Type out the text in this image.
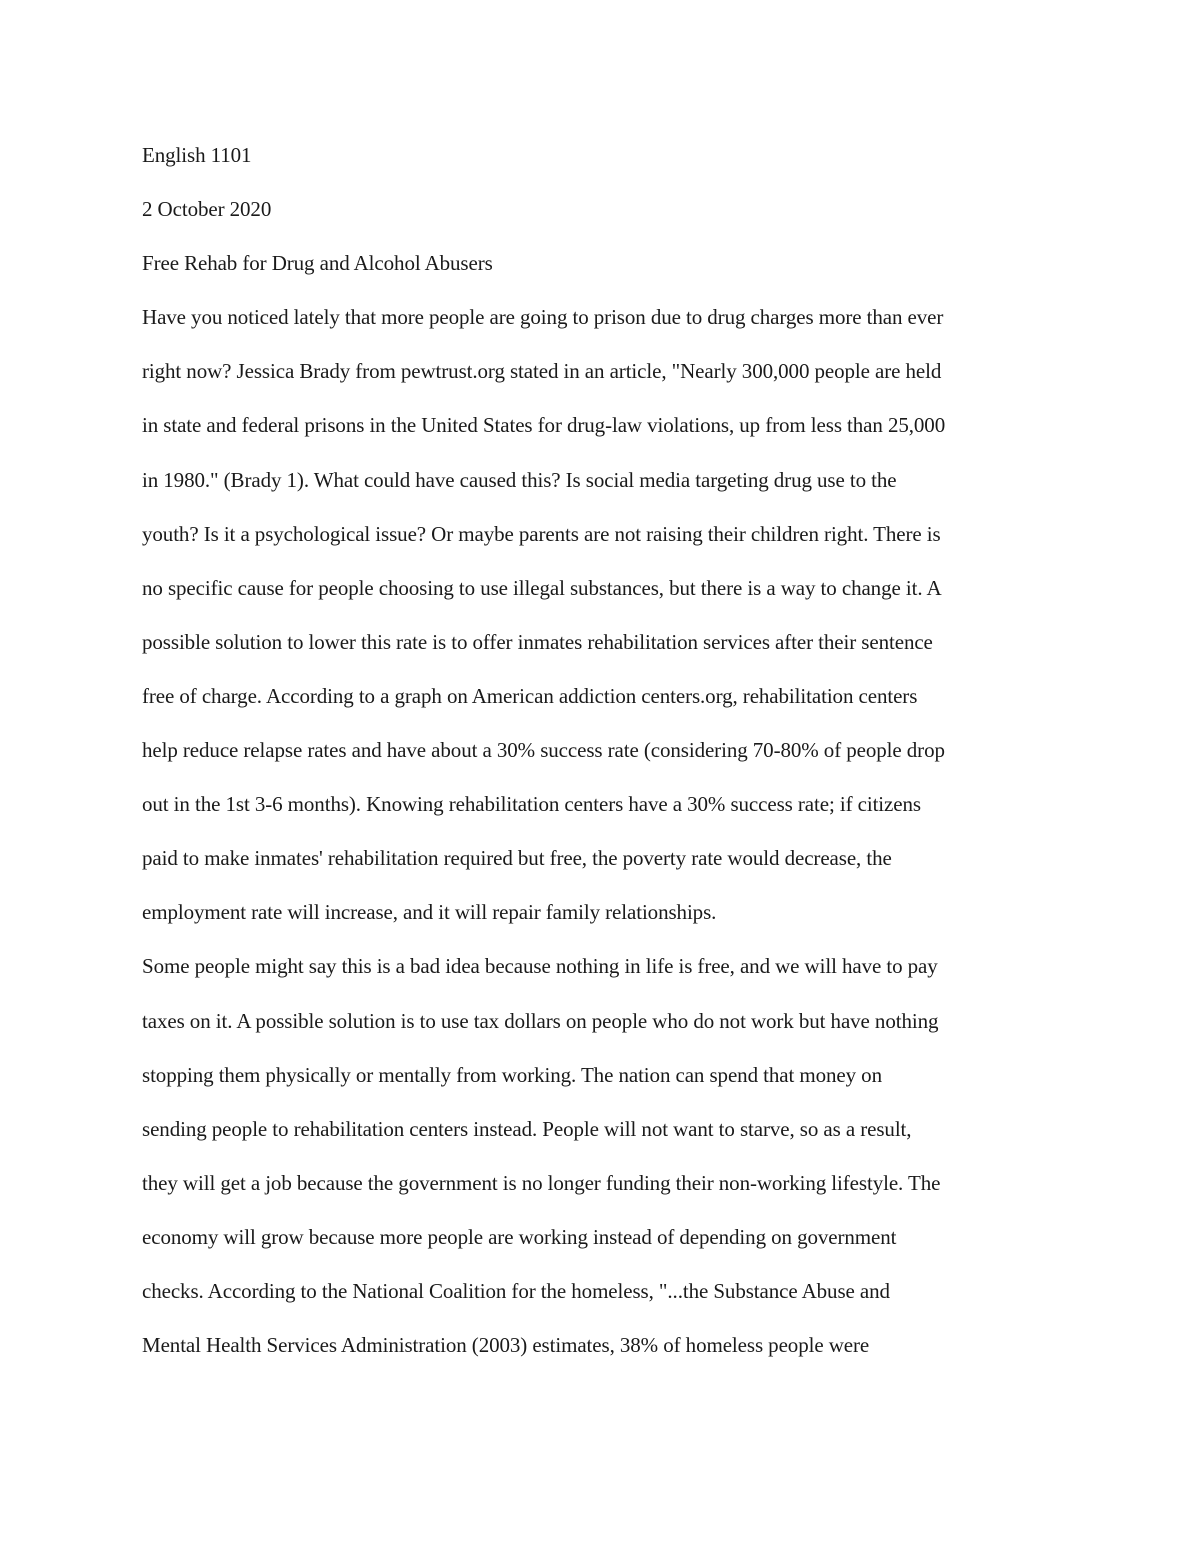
English 1101
2 October 2020
Free Rehab for Drug and Alcohol Abusers
Have you noticed lately that more people are going to prison due to drug charges more than ever
right now? Jessica Brady from pewtrust.org stated in an article, "Nearly 300,000 people are held
in state and federal prisons in the United States for drug-law violations, up from less than 25,000
in 1980." (Brady 1). What could have caused this? Is social media targeting drug use to the
youth? Is it a psychological issue? Or maybe parents are not raising their children right. There is
no specific cause for people choosing to use illegal substances, but there is a way to change it. A
possible solution to lower this rate is to offer inmates rehabilitation services after their sentence
free of charge. According to a graph on American addiction centers.org, rehabilitation centers
help reduce relapse rates and have about a 30% success rate (considering 70-80% of people drop
out in the 1st 3-6 months). Knowing rehabilitation centers have a 30% success rate; if citizens
paid to make inmates' rehabilitation required but free, the poverty rate would decrease, the
employment rate will increase, and it will repair family relationships.
Some people might say this is a bad idea because nothing in life is free, and we will have to pay
taxes on it. A possible solution is to use tax dollars on people who do not work but have nothing
stopping them physically or mentally from working. The nation can spend that money on
sending people to rehabilitation centers instead. People will not want to starve, so as a result,
they will get a job because the government is no longer funding their non-working lifestyle. The
economy will grow because more people are working instead of depending on government
checks. According to the National Coalition for the homeless, "...the Substance Abuse and
Mental Health Services Administration (2003) estimates, 38% of homeless people were
